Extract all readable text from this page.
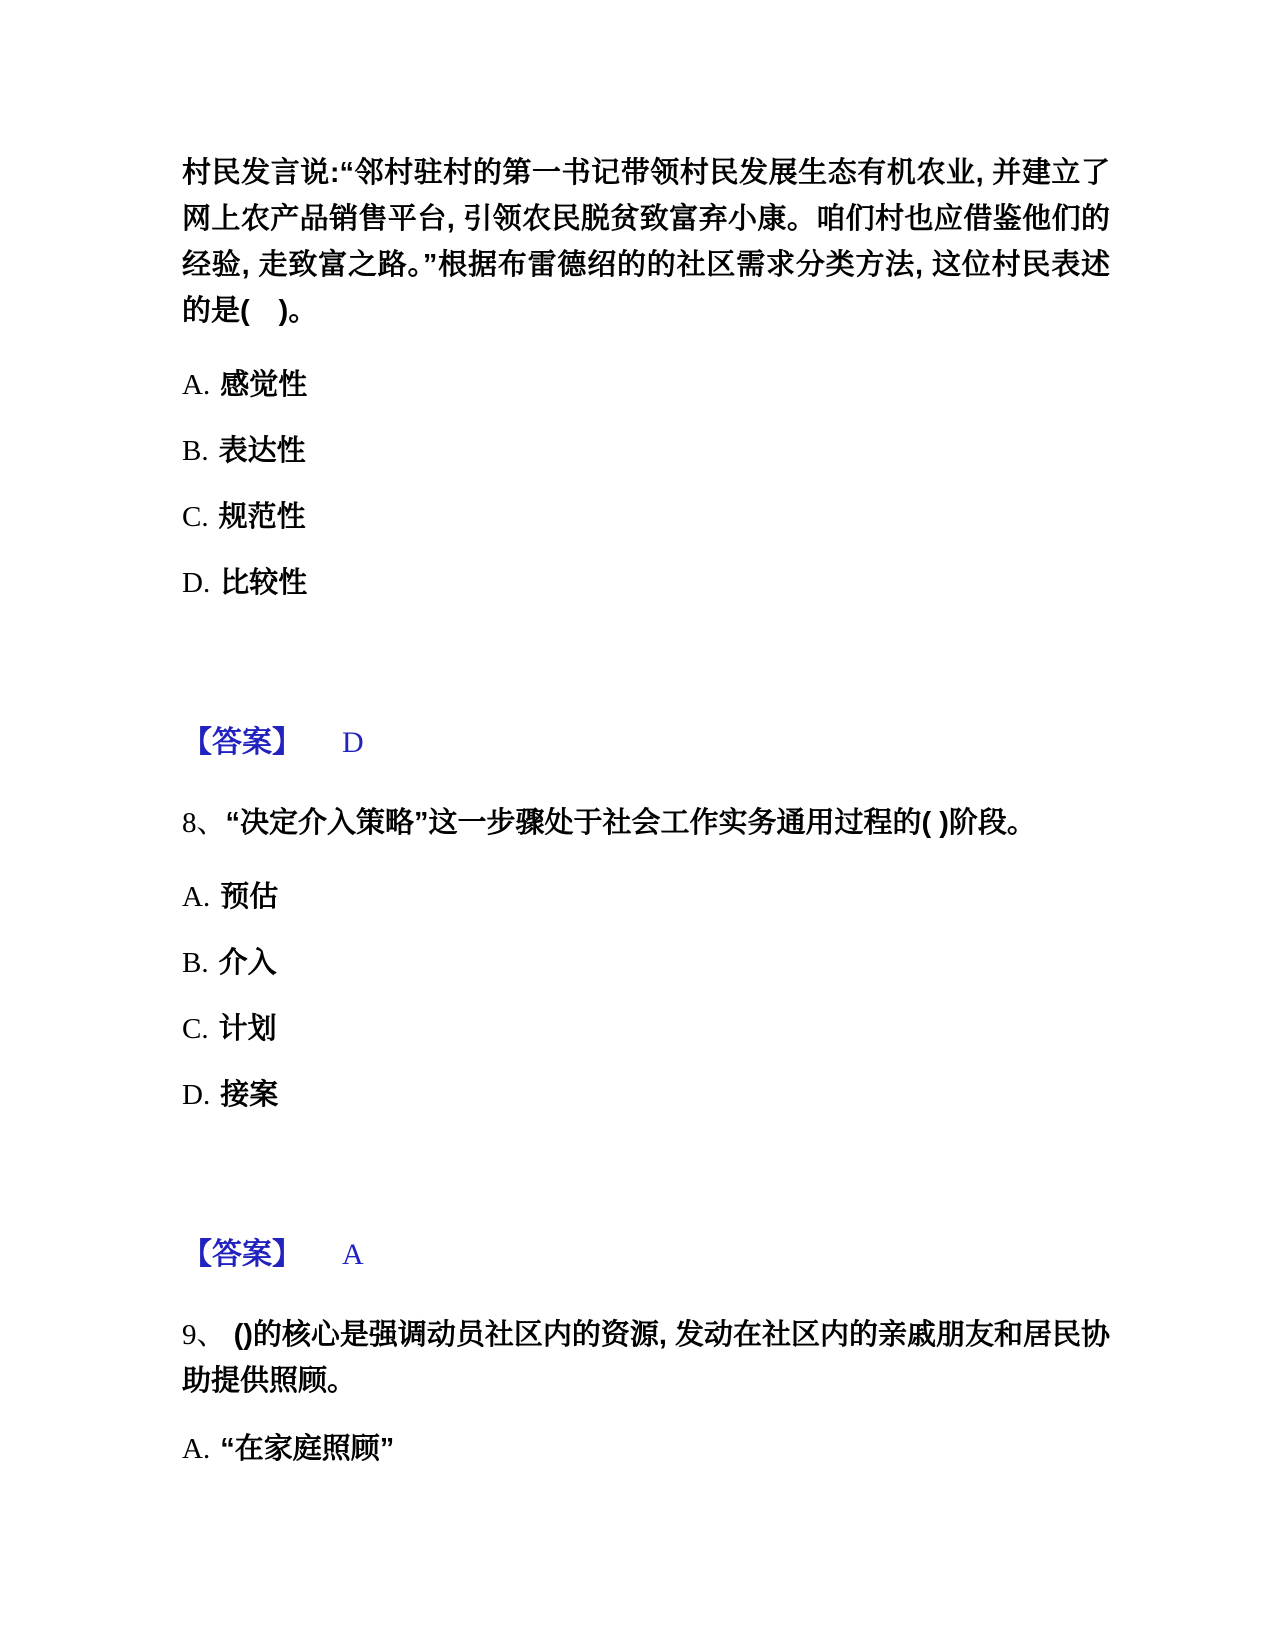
村民发言说:“邻村驻村的第一书记带领村民发展生态有机农业, 并建立了网上农产品销售平台, 引领农民脱贫致富弃小康。咱们村也应借鉴他们的经验, 走致富之路。”根据布雷德绍的的社区需求分类方法, 这位村民表述的是(　)。

A. 感觉性
B. 表达性
C. 规范性
D. 比较性
【答案】 D

8、“决定介入策略”这一步骤处于社会工作实务通用过程的( )阶段。

A. 预估
B. 介入
C. 计划
D. 接案
【答案】 A

9、 ()的核心是强调动员社区内的资源, 发动在社区内的亲戚朋友和居民协助提供照顾。

A. “在家庭照顾”
